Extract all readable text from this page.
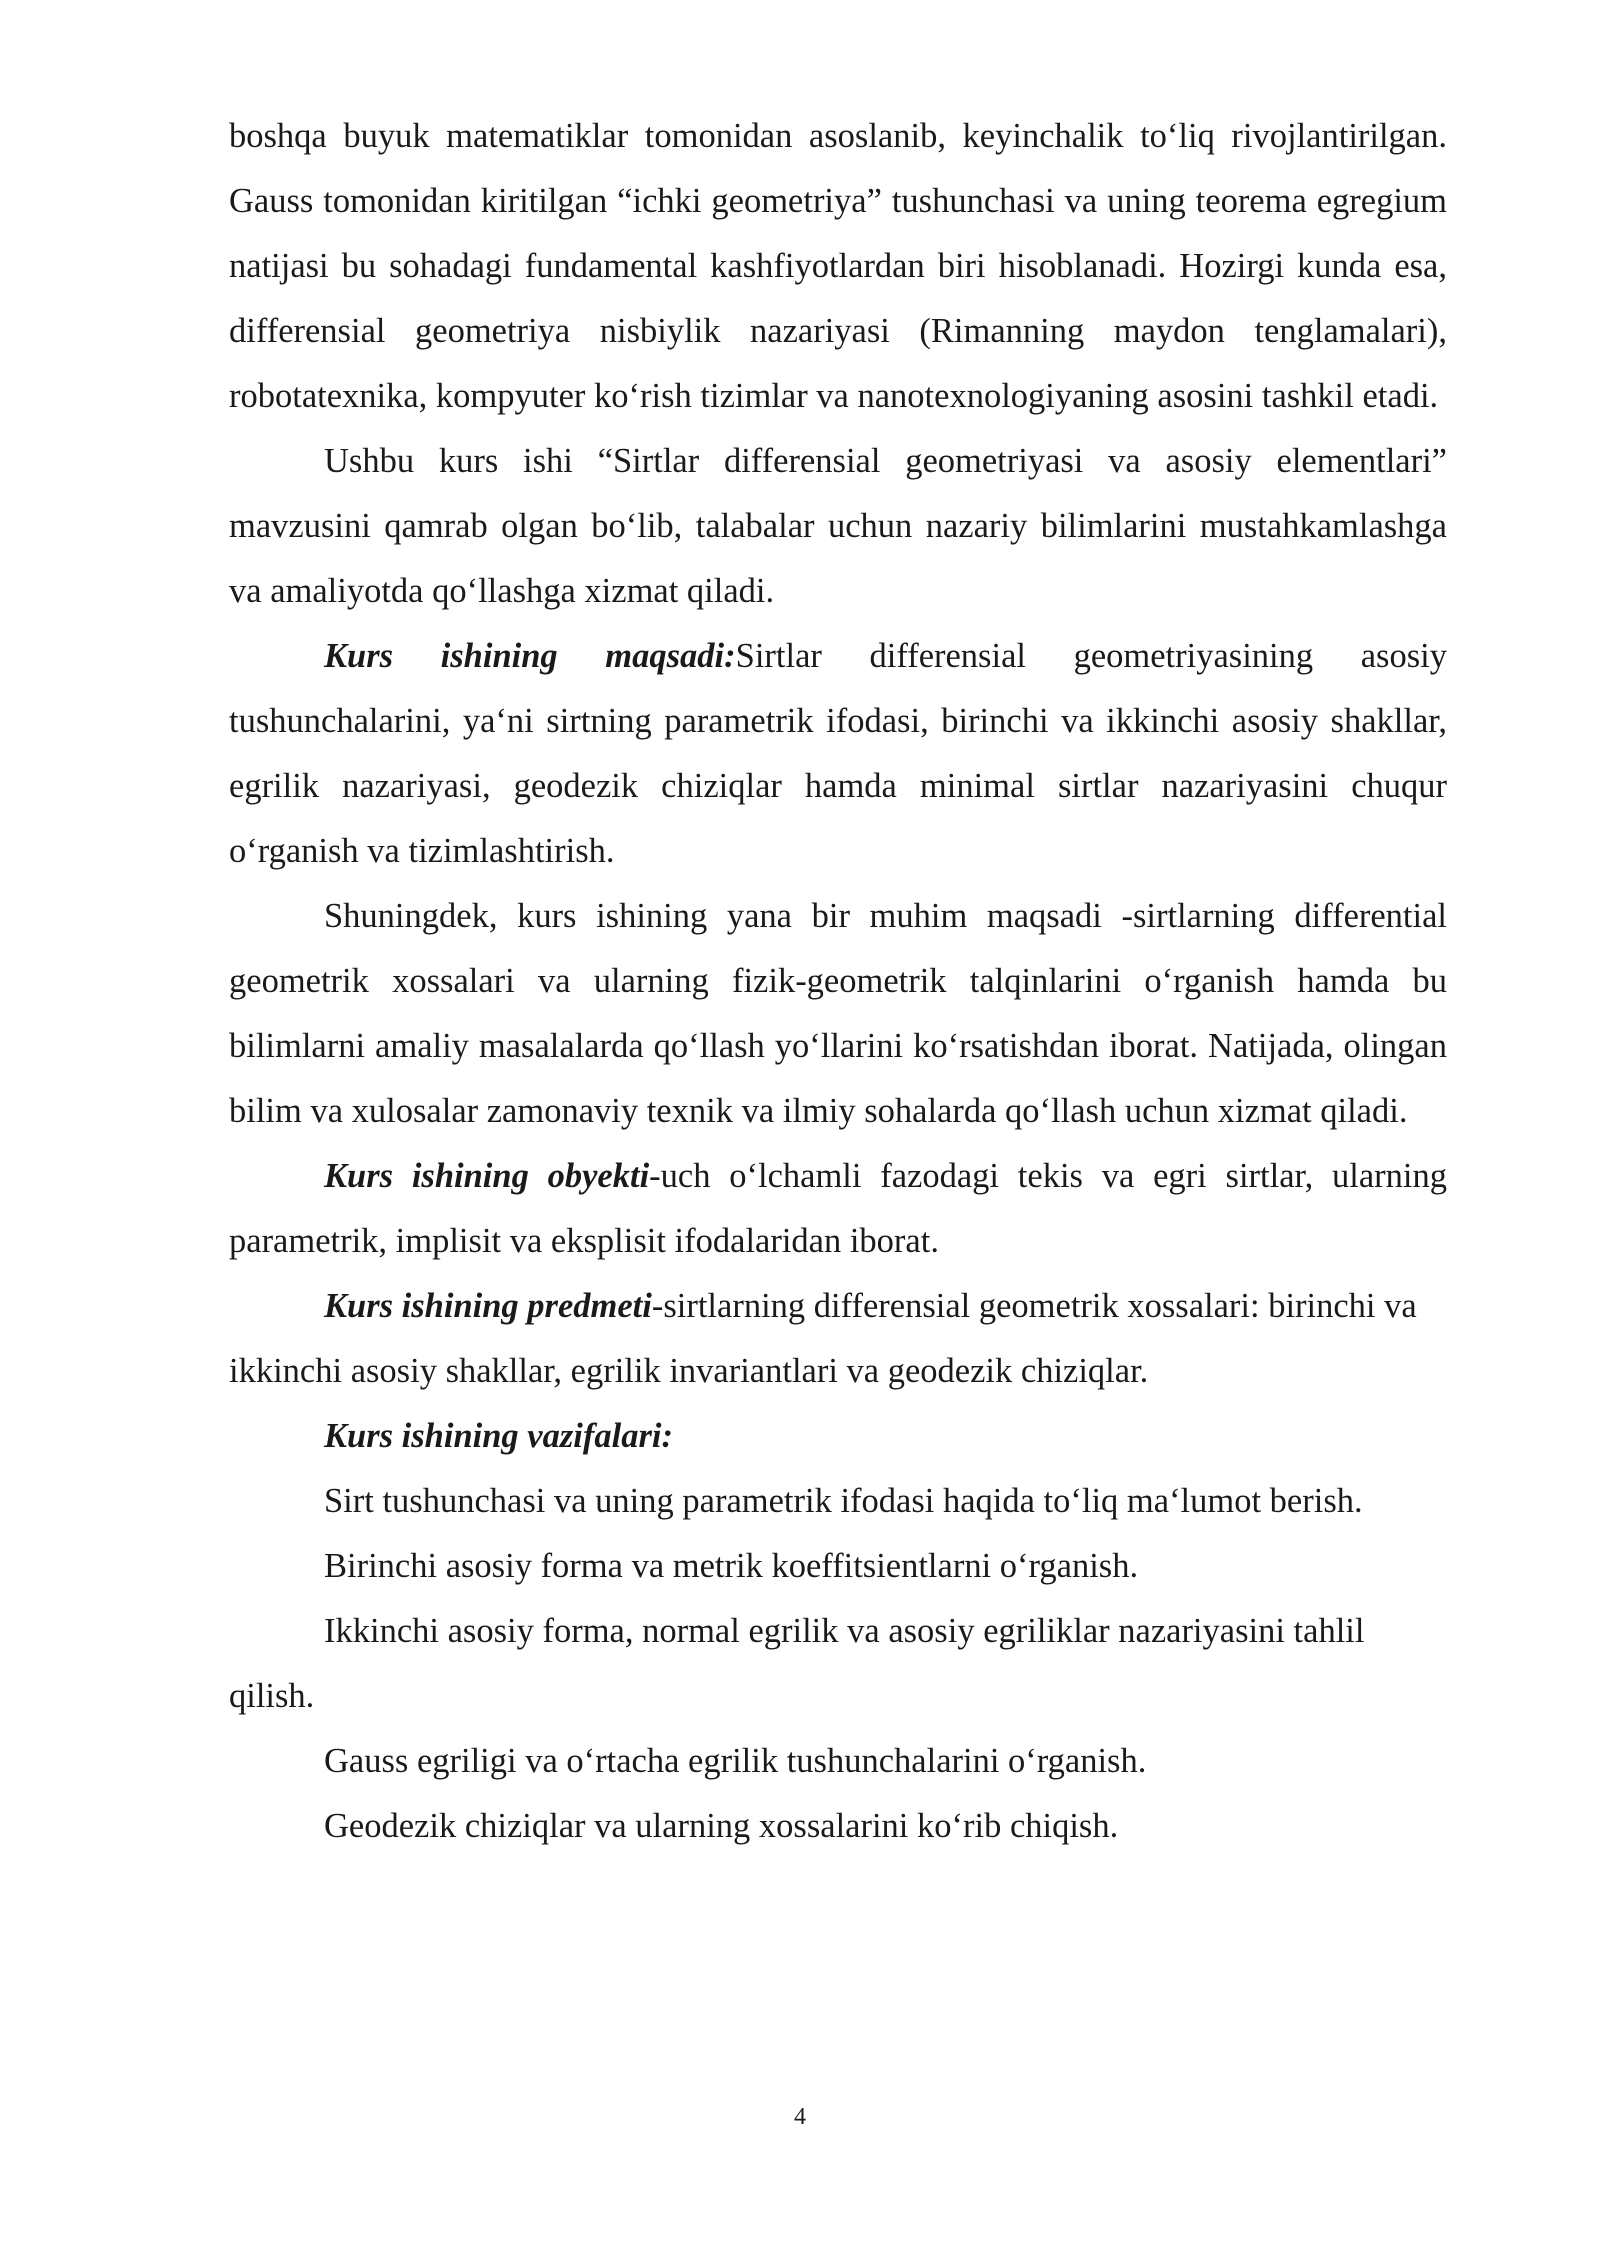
boshqa buyuk matematiklar tomonidan asoslanib, keyinchalik to‘liq rivojlantirilgan. Gauss tomonidan kiritilgan “ichki geometriya” tushunchasi va uning teorema egregium natijasi bu sohadagi fundamental kashfiyotlardan biri hisoblanadi. Hozirgi kunda esa, differensial geometriya nisbiylik nazariyasi (Rimanning maydon tenglamalari), robotatexnika, kompyuter ko‘rish tizimlar va nanotexnologiyaning asosini tashkil etadi.

Ushbu kurs ishi “Sirtlar differensial geometriyasi va asosiy elementlari” mavzusini qamrab olgan bo‘lib, talabalar uchun nazariy bilimlarini mustahkamlashga va amaliyotda qo‘llashga xizmat qiladi.

Kurs ishining maqsadi:Sirtlar differensial geometriyasining asosiy tushunchalarini, ya‘ni sirtning parametrik ifodasi, birinchi va ikkinchi asosiy shakllar, egrilik nazariyasi, geodezik chiziqlar hamda minimal sirtlar nazariyasini chuqur o‘rganish va tizimlashtirish.

Shuningdek, kurs ishining yana bir muhim maqsadi -sirtlarning differential geometrik xossalari va ularning fizik-geometrik talqinlarini o‘rganish hamda bu bilimlarni amaliy masalalarda qo‘llash yo‘llarini ko‘rsatishdan iborat. Natijada, olingan bilim va xulosalar zamonaviy texnik va ilmiy sohalarda qo‘llash uchun xizmat qiladi.

Kurs ishining obyekti-uch o‘lchamli fazodagi tekis va egri sirtlar, ularning parametrik, implisit va eksplisit ifodalaridan iborat.

Kurs ishining predmeti-sirtlarning differensial geometrik xossalari: birinchi va ikkinchi asosiy shakllar, egrilik invariantlari va geodezik chiziqlar.

Kurs ishining vazifalari:

Sirt tushunchasi va uning parametrik ifodasi haqida to‘liq ma‘lumot berish.

Birinchi asosiy forma va metrik koeffitsientlarni o‘rganish.

Ikkinchi asosiy forma, normal egrilik va asosiy egriliklar nazariyasini tahlil qilish.

Gauss egriligi va o‘rtacha egrilik tushunchalarini o‘rganish.

Geodezik chiziqlar va ularning xossalarini ko‘rib chiqish.

4
